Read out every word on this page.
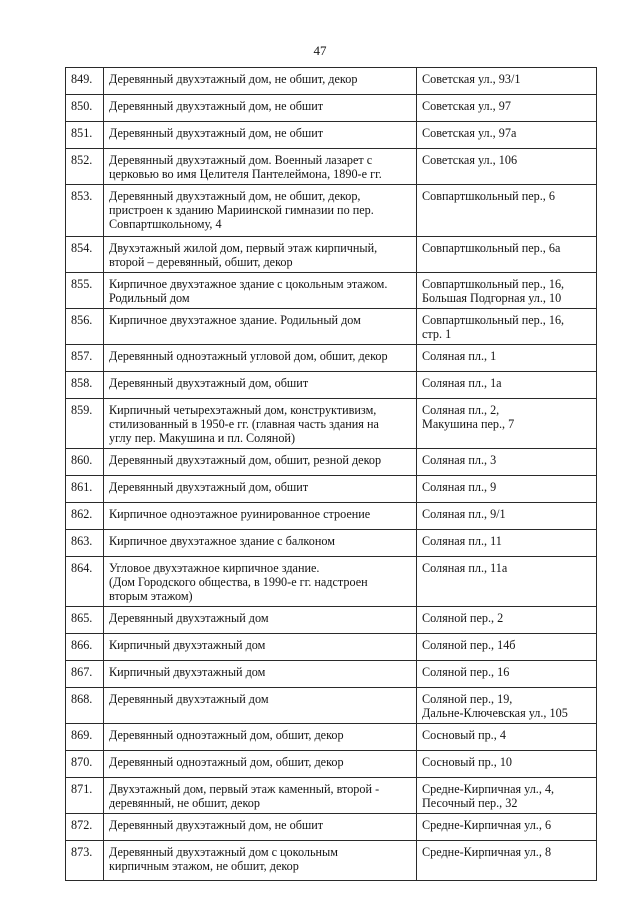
47
849.	Деревянный двухэтажный дом, не обшит, декор	Советская ул., 93/1
850.	Деревянный двухэтажный дом, не обшит	Советская ул., 97
851.	Деревянный двухэтажный дом, не обшит	Советская ул., 97а
852.	Деревянный двухэтажный дом. Военный лазарет с
церковью во имя Целителя Пантелеймона, 1890-е гг.	Советская ул., 106
853.	Деревянный двухэтажный дом, не обшит, декор,
пристроен к зданию Мариинской гимназии по пер.
Совпартшкольному, 4	Совпартшкольный пер., 6
854.	Двухэтажный жилой дом, первый этаж кирпичный,
второй – деревянный, обшит, декор	Совпартшкольный пер., 6а
855.	Кирпичное двухэтажное здание с цокольным этажом.
Родильный дом	Совпартшкольный пер., 16,
Большая Подгорная ул., 10
856.	Кирпичное двухэтажное здание. Родильный дом	Совпартшкольный пер., 16,
стр. 1
857.	Деревянный одноэтажный угловой дом, обшит, декор	Соляная пл., 1
858.	Деревянный двухэтажный дом, обшит	Соляная пл., 1а
859.	Кирпичный четырехэтажный дом, конструктивизм,
стилизованный в 1950-е гг. (главная часть здания на
углу пер. Макушина и пл. Соляной)	Соляная пл., 2,
Макушина пер., 7
860.	Деревянный двухэтажный дом, обшит, резной декор	Соляная пл., 3
861.	Деревянный двухэтажный дом, обшит	Соляная пл., 9
862.	Кирпичное одноэтажное руинированное строение	Соляная пл., 9/1
863.	Кирпичное двухэтажное здание с балконом	Соляная пл., 11
864.	Угловое двухэтажное кирпичное здание.
(Дом Городского общества, в 1990-е гг. надстроен
вторым этажом)	Соляная пл., 11а
865.	Деревянный двухэтажный дом	Соляной пер., 2
866.	Кирпичный двухэтажный дом	Соляной пер., 14б
867.	Кирпичный двухэтажный дом	Соляной пер., 16
868.	Деревянный двухэтажный дом	Соляной пер., 19,
Дальне-Ключевская ул., 105
869.	Деревянный одноэтажный дом, обшит, декор	Сосновый пр., 4
870.	Деревянный одноэтажный дом, обшит, декор	Сосновый пр., 10
871.	Двухэтажный дом, первый этаж каменный, второй -
деревянный, не обшит, декор	Средне-Кирпичная ул., 4,
Песочный пер., 32
872.	Деревянный двухэтажный дом, не обшит	Средне-Кирпичная ул., 6
873.	Деревянный двухэтажный дом с цокольным
кирпичным этажом, не обшит, декор	Средне-Кирпичная ул., 8
